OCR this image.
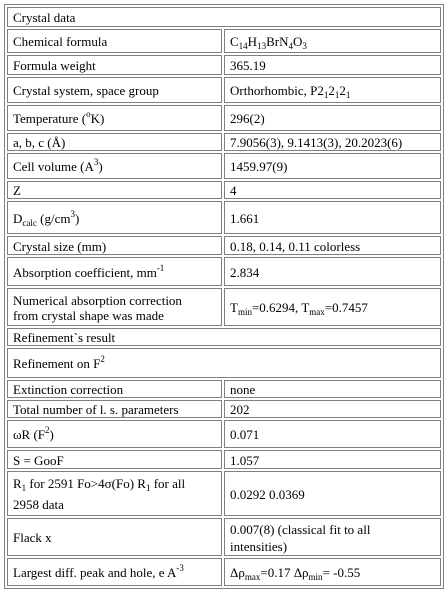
Crystal data	
Chemical formula	$C_{14}H_{13}BrN_4O_3$
Formula weight	365.19
Crystal system, space group	Orthorhombic, $P2_12_12_1$
Temperature ($^o$K)	296(2)
a, b, c (Å)	7.9056(3), 9.1413(3), 20.2023(6)
Cell volume $(A^3)$	1459.97(9)
Z	4
$D_{calc}$ $(g/cm^3)$	1.661
Crystal size (mm)	0.18, 0.14, 0.11 colorless
Absorption coefficient, $mm^{-1}$	2.834
Numerical absorption correction
from crystal shape was made	$T_{min}=0.6294$, $T_{max}=0.7457$
Refinement`s result	
Refinement on $F^2$
Extinction correction	none
Total number of l. s. parameters	202
ωR $(F^2)$	0.071
S = GooF	1.057
$R_1$ for 2591 Fo>4σ(Fo) $R_1$ for all
2958 data	0.0292 0.0369
Flack x	0.007(8) (classical fit to all
intensities)
Largest diff. peak and hole, e $A^{-3}$	$\Delta\rho_{max}=0.17$ $\Delta\rho_{min}= -0.55$
